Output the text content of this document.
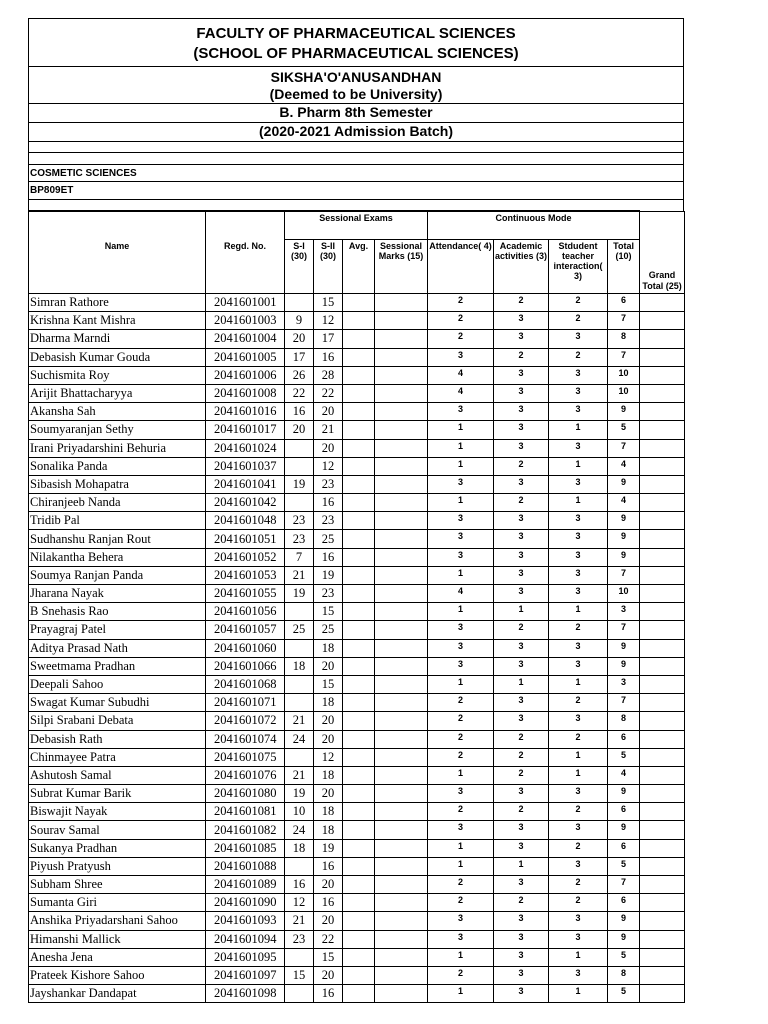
FACULTY OF PHARMACEUTICAL SCIENCES
(SCHOOL OF PHARMACEUTICAL SCIENCES)
SIKSHA'O'ANUSANDHAN
(Deemed to be University)
B. Pharm 8th Semester
(2020-2021 Admission Batch)
COSMETIC SCIENCES
BP809ET
		Sessional Exams				Continuous Mode				
Name	Regd. No.	S-I (30)	S-II (30)	Avg.	Sessional Marks (15)	Attendance( 4)	Academic activities (3)	Stdudent teacher interaction( 3)	Total (10)	Grand Total (25)
Simran Rathore	2041601001		15			2	2	2	6	
Krishna Kant Mishra	2041601003	9	12			2	3	2	7	
Dharma Marndi	2041601004	20	17			2	3	3	8	
Debasish Kumar Gouda	2041601005	17	16			3	2	2	7	
Suchismita Roy	2041601006	26	28			4	3	3	10	
Arijit Bhattacharyya	2041601008	22	22			4	3	3	10	
Akansha Sah	2041601016	16	20			3	3	3	9	
Soumyaranjan Sethy	2041601017	20	21			1	3	1	5	
Irani Priyadarshini Behuria	2041601024		20			1	3	3	7	
Sonalika Panda	2041601037		12			1	2	1	4	
Sibasish Mohapatra	2041601041	19	23			3	3	3	9	
Chiranjeeb Nanda	2041601042		16			1	2	1	4	
Tridib Pal	2041601048	23	23			3	3	3	9	
Sudhanshu Ranjan Rout	2041601051	23	25			3	3	3	9	
Nilakantha Behera	2041601052	7	16			3	3	3	9	
Soumya Ranjan Panda	2041601053	21	19			1	3	3	7	
Jharana Nayak	2041601055	19	23			4	3	3	10	
B Snehasis Rao	2041601056		15			1	1	1	3	
Prayagraj Patel	2041601057	25	25			3	2	2	7	
Aditya Prasad Nath	2041601060		18			3	3	3	9	
Sweetmama Pradhan	2041601066	18	20			3	3	3	9	
Deepali Sahoo	2041601068		15			1	1	1	3	
Swagat Kumar Subudhi	2041601071		18			2	3	2	7	
Silpi Srabani Debata	2041601072	21	20			2	3	3	8	
Debasish Rath	2041601074	24	20			2	2	2	6	
Chinmayee Patra	2041601075		12			2	2	1	5	
Ashutosh Samal	2041601076	21	18			1	2	1	4	
Subrat Kumar Barik	2041601080	19	20			3	3	3	9	
Biswajit Nayak	2041601081	10	18			2	2	2	6	
Sourav Samal	2041601082	24	18			3	3	3	9	
Sukanya Pradhan	2041601085	18	19			1	3	2	6	
Piyush Pratyush	2041601088		16			1	1	3	5	
Subham Shree	2041601089	16	20			2	3	2	7	
Sumanta Giri	2041601090	12	16			2	2	2	6	
Anshika Priyadarshani Sahoo	2041601093	21	20			3	3	3	9	
Himanshi Mallick	2041601094	23	22			3	3	3	9	
Anesha Jena	2041601095		15			1	3	1	5	
Prateek Kishore Sahoo	2041601097	15	20			2	3	3	8	
Jayshankar Dandapat	2041601098		16			1	3	1	5	
